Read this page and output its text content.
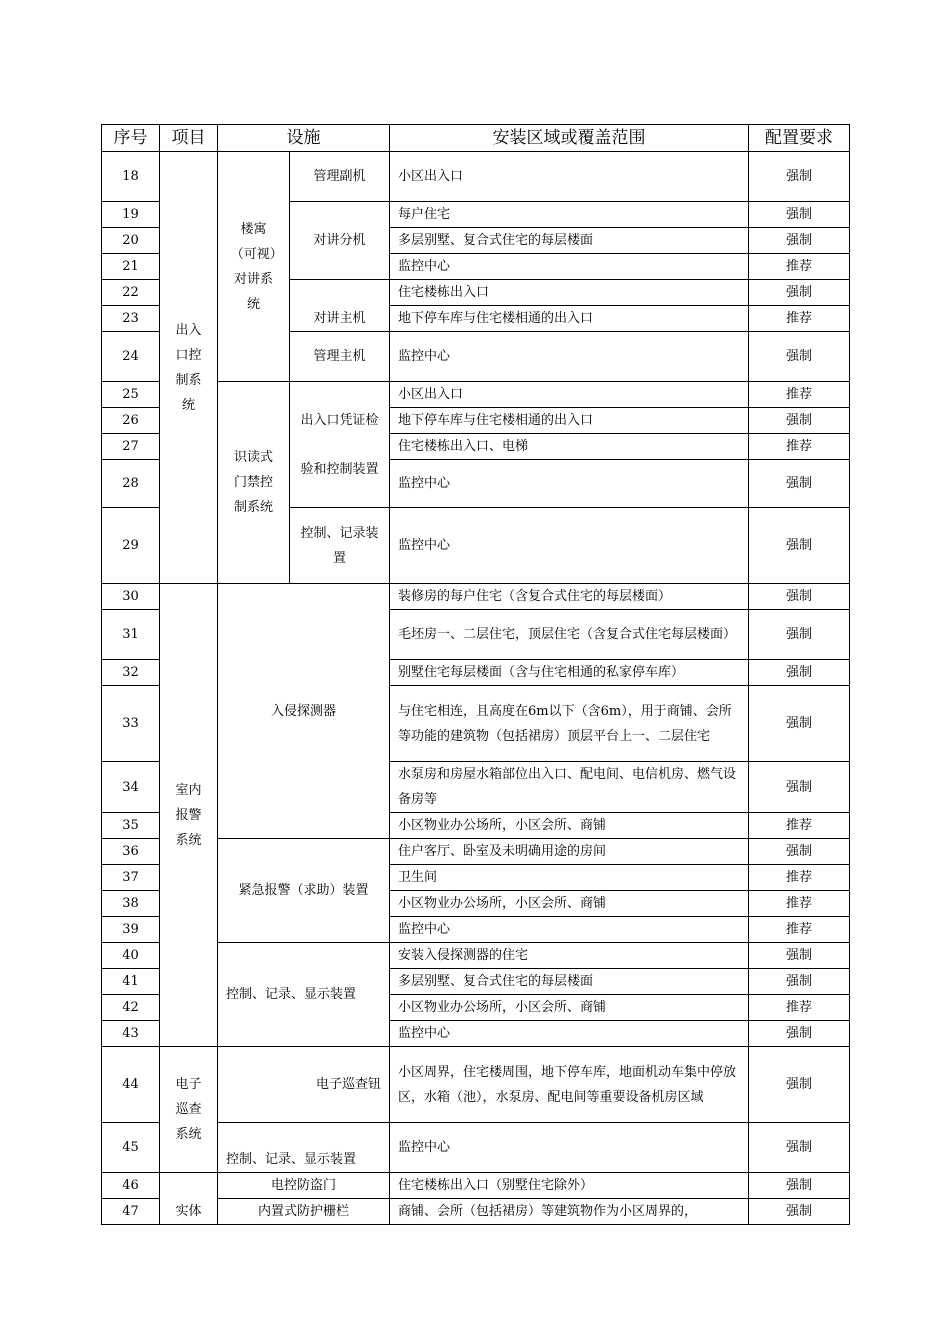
序号	项目	设施		安装区域或覆盖范围	配置要求
18	出入口控制系统	楼寓（可视）对讲系统	管理副机	小区出入口	强制
19			对讲分机	每户住宅	强制
20				多层别墅、复合式住宅的每层楼面	强制
21				监控中心	推荐
22			对讲主机	住宅楼栋出入口	强制
23				地下停车库与住宅楼相通的出入口	推荐
24			管理主机	监控中心	强制
25		识读式门禁控制系统	出入口凭证检验和控制装置	小区出入口	推荐
26				地下停车库与住宅楼相通的出入口	强制
27				住宅楼栋出入口、电梯	推荐
28				监控中心	强制
29			控制、记录装置	监控中心	强制
30	室内报警系统	入侵探测器		装修房的每户住宅（含复合式住宅的每层楼面）	强制
31				毛坯房一、二层住宅，顶层住宅（含复合式住宅每层楼面）	强制
32				别墅住宅每层楼面（含与住宅相通的私家停车库）	强制
33				与住宅相连，且高度在6m以下（含6m），用于商铺、会所等功能的建筑物（包括裙房）顶层平台上一、二层住宅	强制
34				水泵房和房屋水箱部位出入口、配电间、电信机房、燃气设备房等	强制
35				小区物业办公场所，小区会所、商铺	推荐
36		紧急报警（求助）装置		住户客厅、卧室及未明确用途的房间	强制
37				卫生间	推荐
38				小区物业办公场所，小区会所、商铺	推荐
39				监控中心	推荐
40		控制、记录、显示装置		安装入侵探测器的住宅	强制
41				多层别墅、复合式住宅的每层楼面	强制
42				小区物业办公场所，小区会所、商铺	推荐
43				监控中心	强制
44	电子巡查系统	电子巡查钮		小区周界，住宅楼周围，地下停车库，地面机动车集中停放区，水箱（池），水泵房、配电间等重要设备机房区域	强制
45		控制、记录、显示装置		监控中心	强制
46	实体	电控防盗门		住宅楼栋出入口（别墅住宅除外）	强制
47		内置式防护栅栏		商铺、会所（包括裙房）等建筑物作为小区周界的，	强制
